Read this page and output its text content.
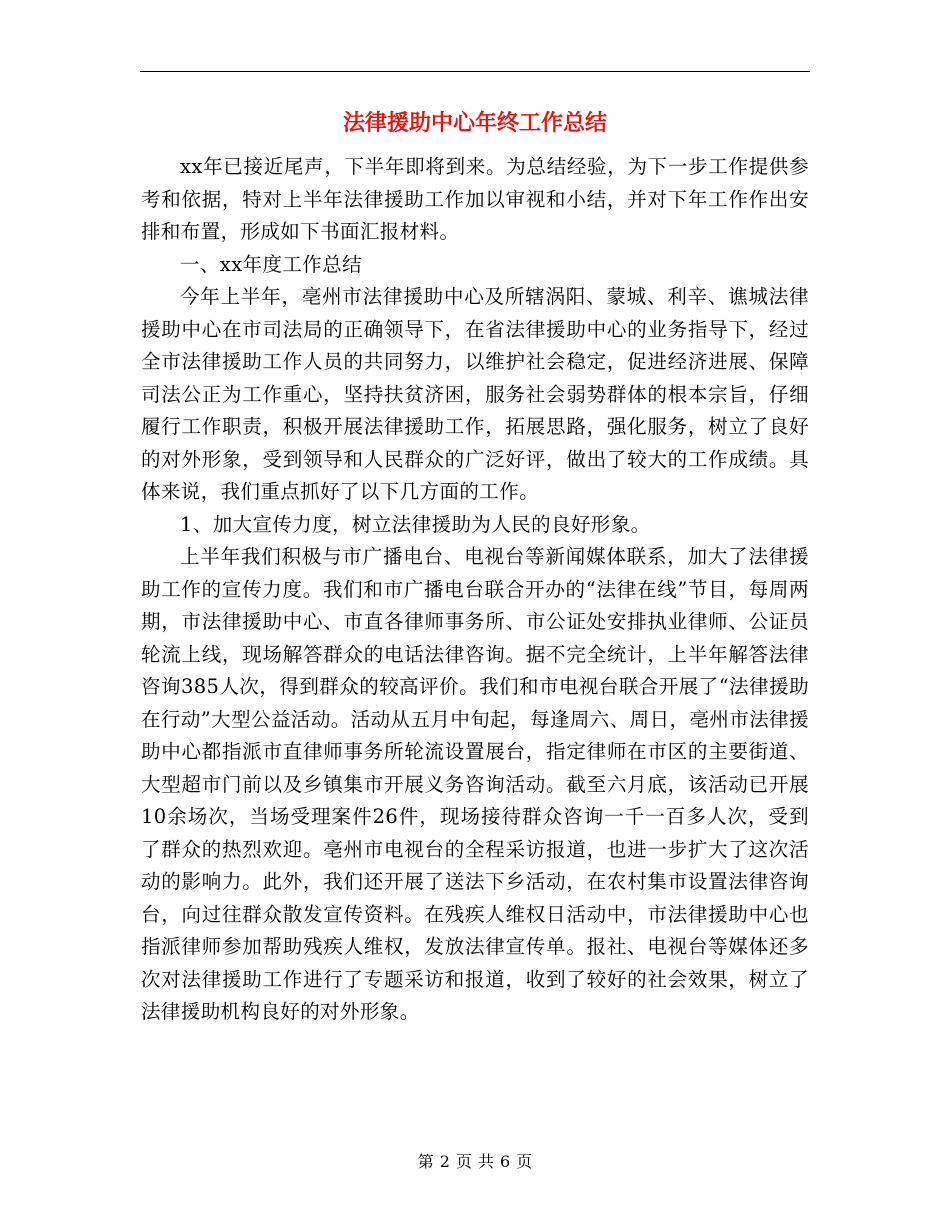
法律援助中心年终工作总结

xx年已接近尾声，下半年即将到来。为总结经验，为下一步工作提供参考和依据，特对上半年法律援助工作加以审视和小结，并对下年工作作出安排和布置，形成如下书面汇报材料。

一、xx年度工作总结

今年上半年，亳州市法律援助中心及所辖涡阳、蒙城、利辛、谯城法律援助中心在市司法局的正确领导下，在省法律援助中心的业务指导下，经过全市法律援助工作人员的共同努力，以维护社会稳定，促进经济进展、保障司法公正为工作重心，坚持扶贫济困，服务社会弱势群体的根本宗旨，仔细履行工作职责，积极开展法律援助工作，拓展思路，强化服务，树立了良好的对外形象，受到领导和人民群众的广泛好评，做出了较大的工作成绩。具体来说，我们重点抓好了以下几方面的工作。

1、加大宣传力度，树立法律援助为人民的良好形象。

上半年我们积极与市广播电台、电视台等新闻媒体联系，加大了法律援助工作的宣传力度。我们和市广播电台联合开办的“法律在线”节目，每周两期，市法律援助中心、市直各律师事务所、市公证处安排执业律师、公证员轮流上线，现场解答群众的电话法律咨询。据不完全统计，上半年解答法律咨询385人次，得到群众的较高评价。我们和市电视台联合开展了“法律援助在行动”大型公益活动。活动从五月中旬起，每逢周六、周日，亳州市法律援助中心都指派市直律师事务所轮流设置展台，指定律师在市区的主要街道、大型超市门前以及乡镇集市开展义务咨询活动。截至六月底，该活动已开展10余场次，当场受理案件26件，现场接待群众咨询一千一百多人次，受到了群众的热烈欢迎。亳州市电视台的全程采访报道，也进一步扩大了这次活动的影响力。此外，我们还开展了送法下乡活动，在农村集市设置法律咨询台，向过往群众散发宣传资料。在残疾人维权日活动中，市法律援助中心也指派律师参加帮助残疾人维权，发放法律宣传单。报社、电视台等媒体还多次对法律援助工作进行了专题采访和报道，收到了较好的社会效果，树立了法律援助机构良好的对外形象。

第 2 页 共 6 页
